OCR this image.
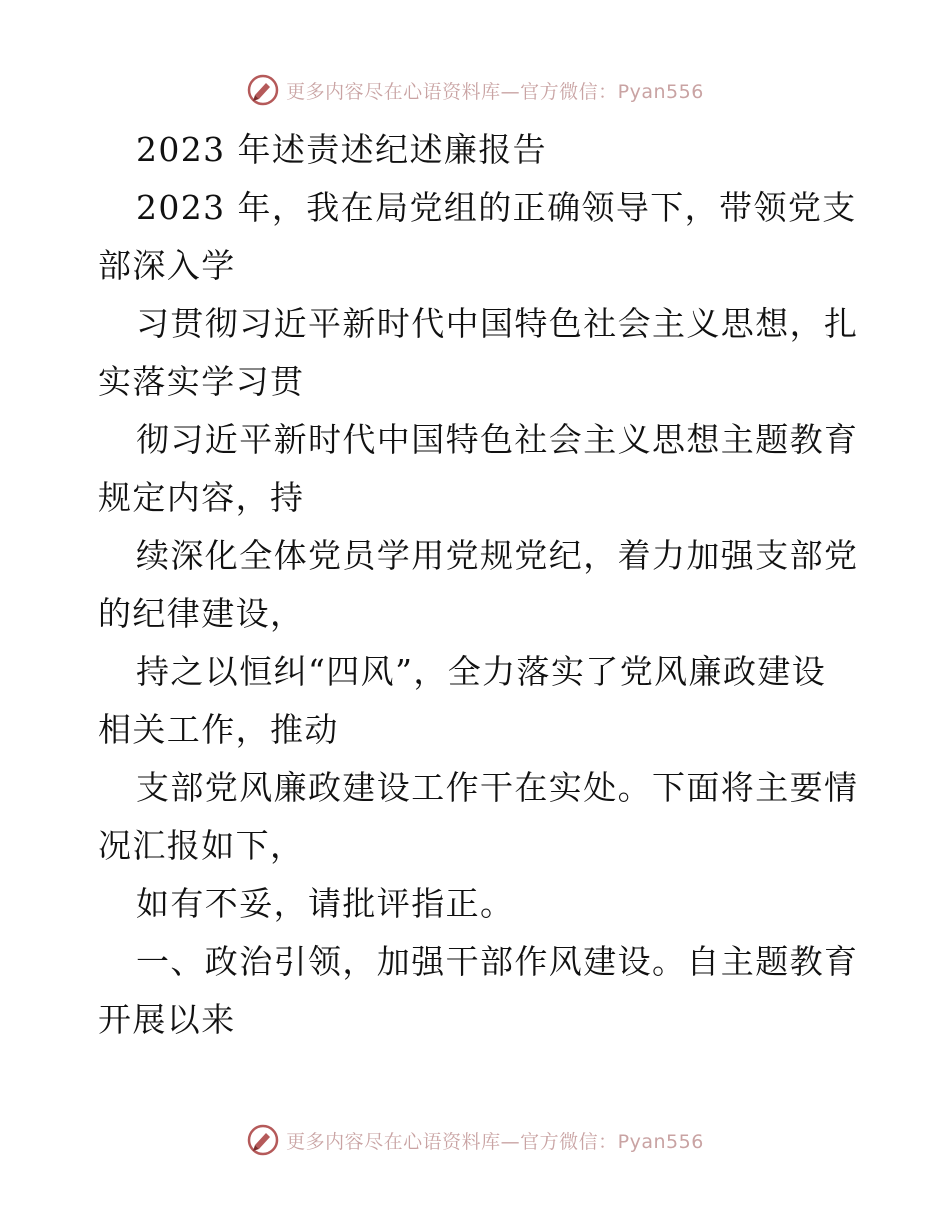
更多内容尽在心语资料库—官方微信：Pyan556
2023 年述责述纪述廉报告
2023 年，我在局党组的正确领导下，带领党支
部深入学
习贯彻习近平新时代中国特色社会主义思想，扎
实落实学习贯
彻习近平新时代中国特色社会主义思想主题教育
规定内容，持
续深化全体党员学用党规党纪，着力加强支部党
的纪律建设，
持之以恒纠“四风”，全力落实了党风廉政建设
相关工作，推动
支部党风廉政建设工作干在实处。下面将主要情
况汇报如下，
如有不妥，请批评指正。
一、政治引领，加强干部作风建设。自主题教育
开展以来
更多内容尽在心语资料库—官方微信：Pyan556
